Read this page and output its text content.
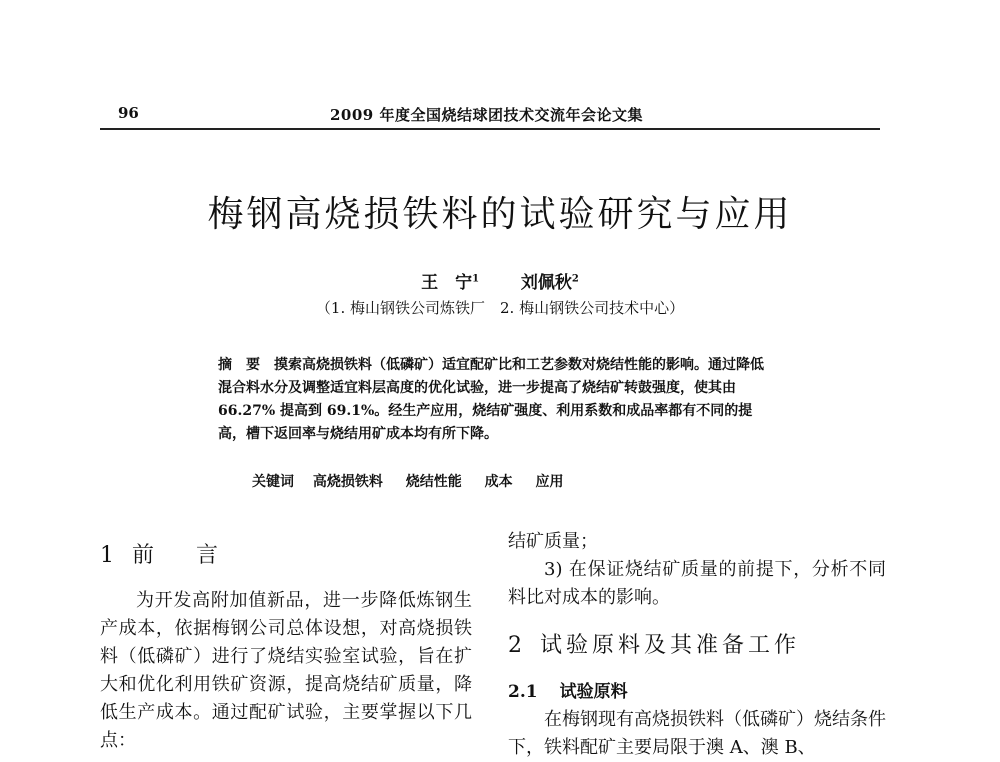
96	2009 年度全国烧结球团技术交流年会论文集
梅钢高烧损铁料的试验研究与应用
王　宁$^1$ 刘佩秋$^2$
（1. 梅山钢铁公司炼铁厂　2. 梅山钢铁公司技术中心）
摘　要 摸索高烧损铁料（低磷矿）适宜配矿比和工艺参数对烧结性能的影响。通过降低混合料水分及调整适宜料层高度的优化试验，进一步提高了烧结矿转鼓强度，使其由 66.27% 提高到 69.1%。经生产应用，烧结矿强度、利用系数和成品率都有不同的提高，槽下返回率与烧结用矿成本均有所下降。
关键词 高烧损铁料 烧结性能 成本 应用
1 前　言

为开发高附加值新品，进一步降低炼钢生产成本，依据梅钢公司总体设想，对高烧损铁料（低磷矿）进行了烧结实验室试验，旨在扩大和优化利用铁矿资源，提高烧结矿质量，降低生产成本。通过配矿试验，主要掌握以下几点：

结矿质量；

3) 在保证烧结矿质量的前提下，分析不同料比对成本的影响。

2 试验原料及其准备工作
2.1 试验原料

在梅钢现有高烧损铁料（低磷矿）烧结条件下，铁料配矿主要局限于澳 A、澳 B、
